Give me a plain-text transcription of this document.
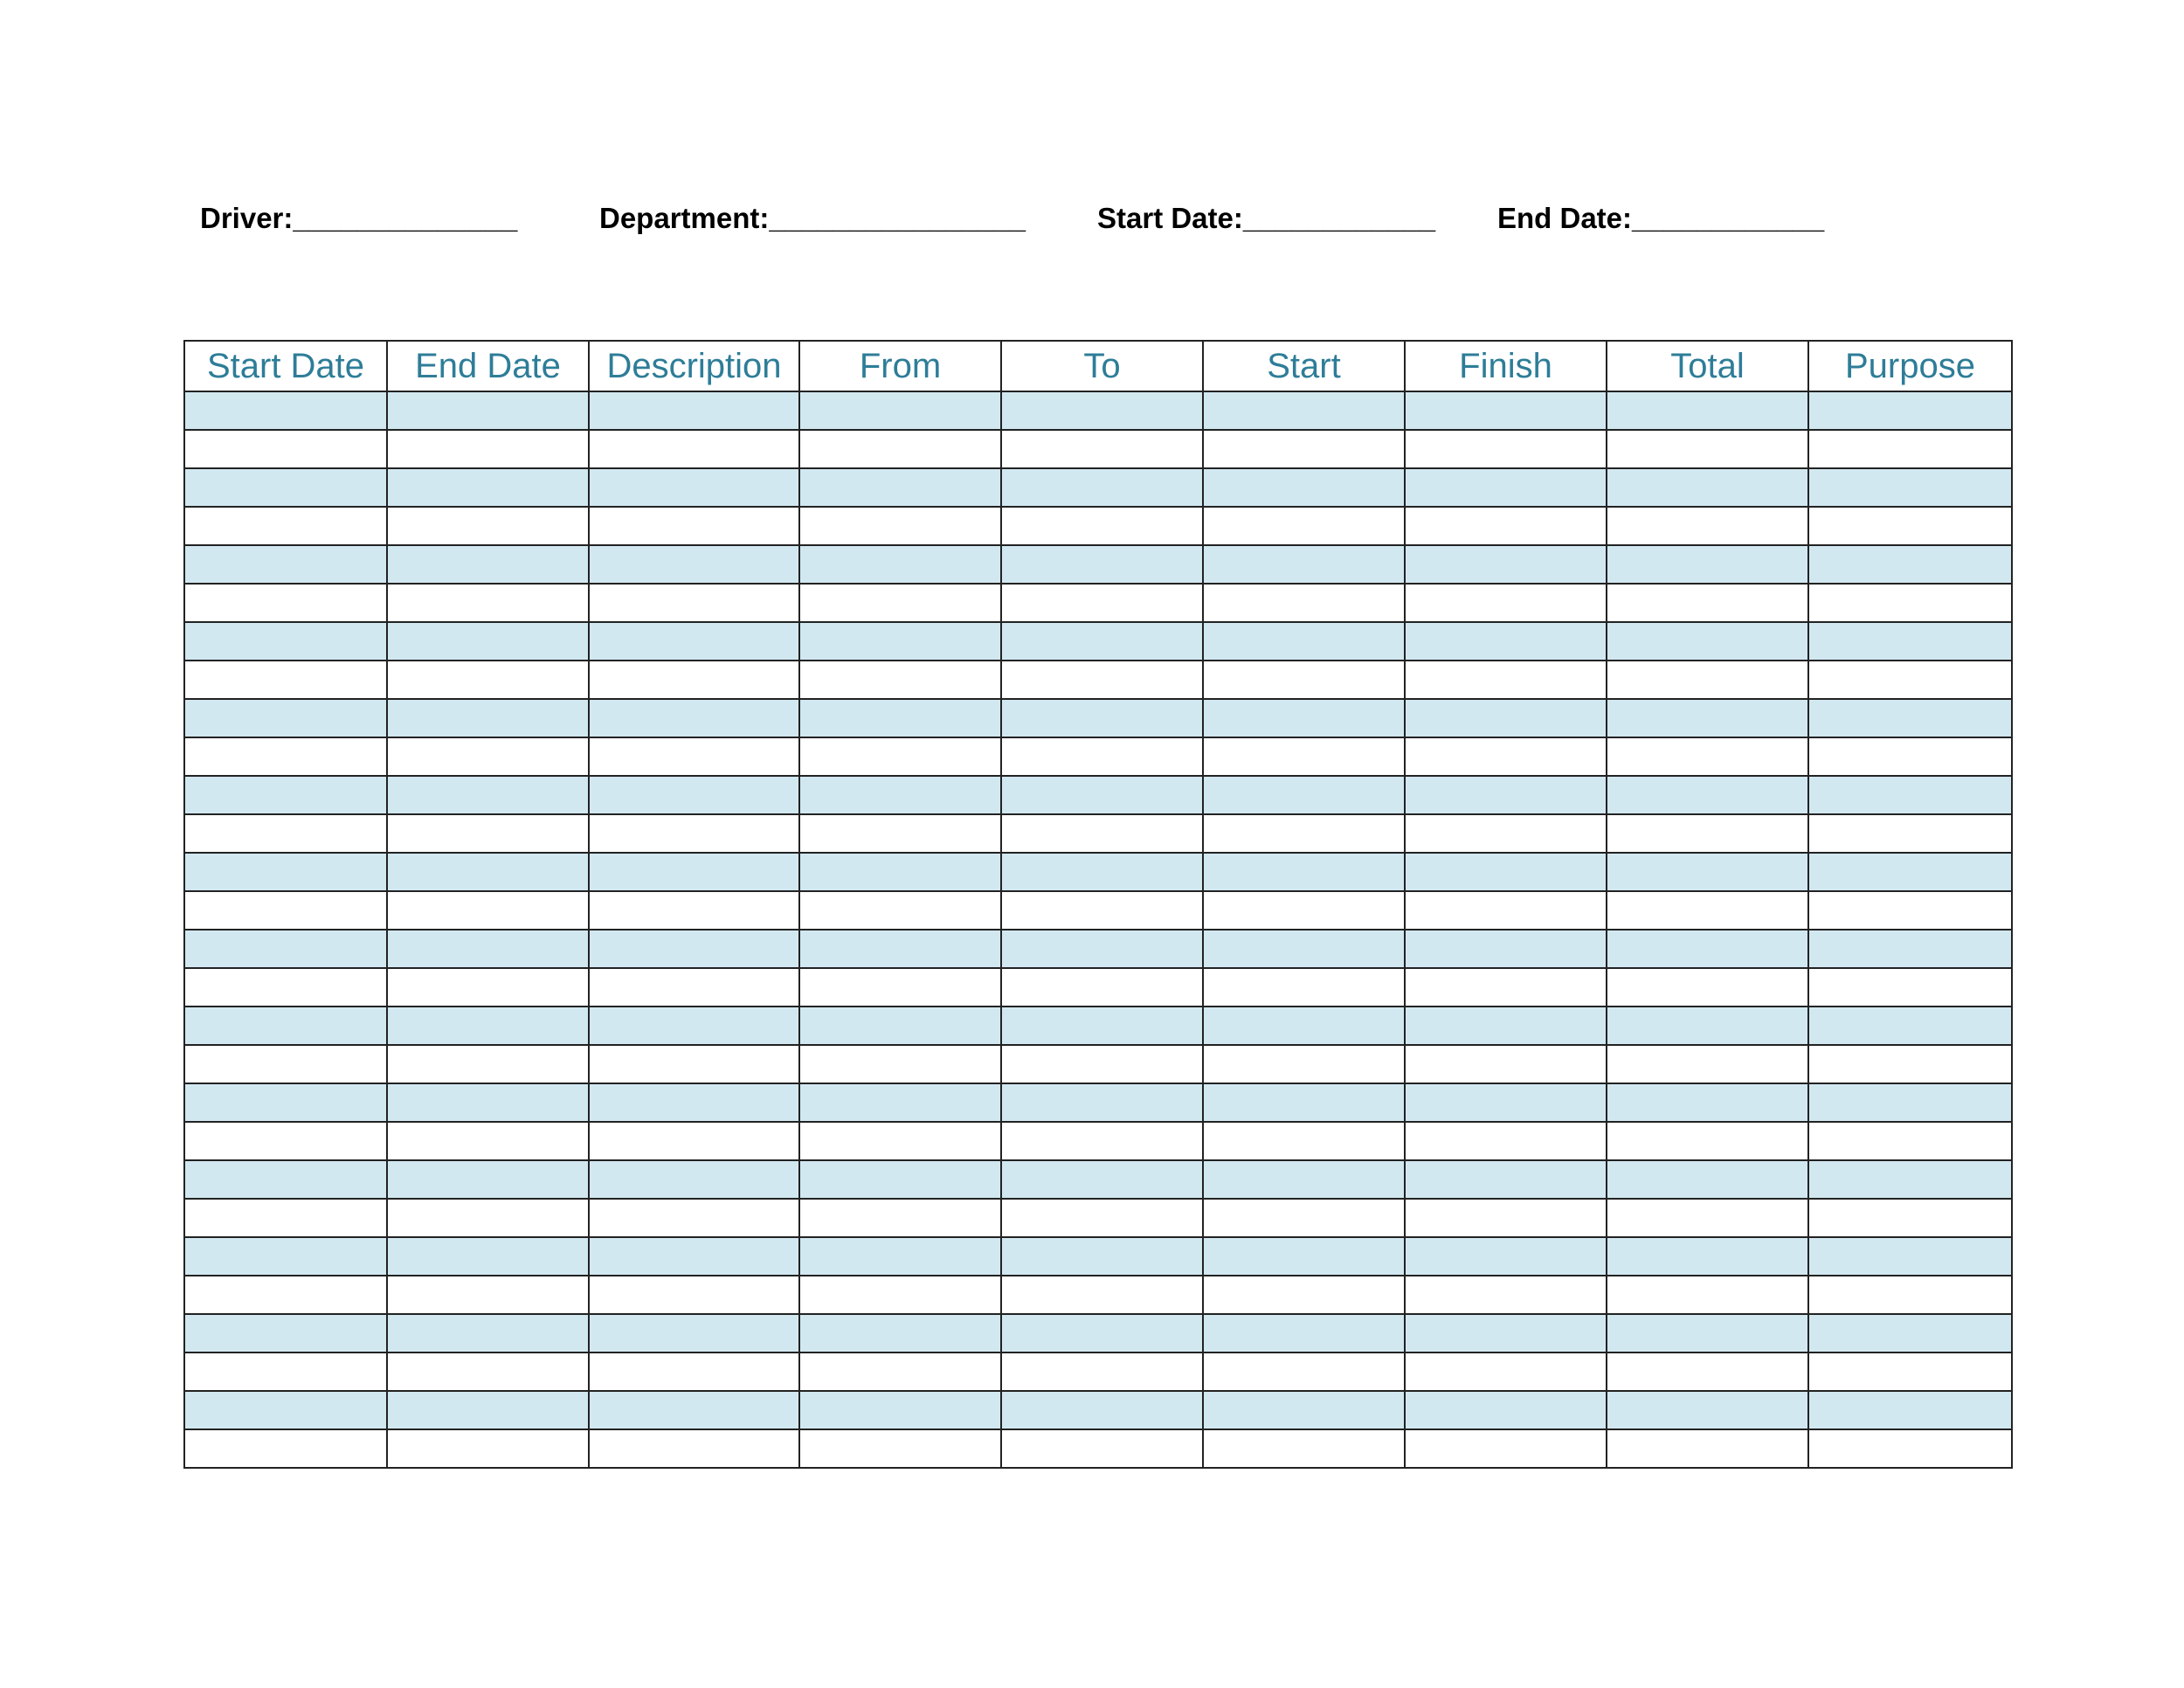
Driver:______________	Department:________________ Start Date:____________ End Date:____________
Start Date	End Date	Description	From	To	Start	Finish	Total	Purpose
